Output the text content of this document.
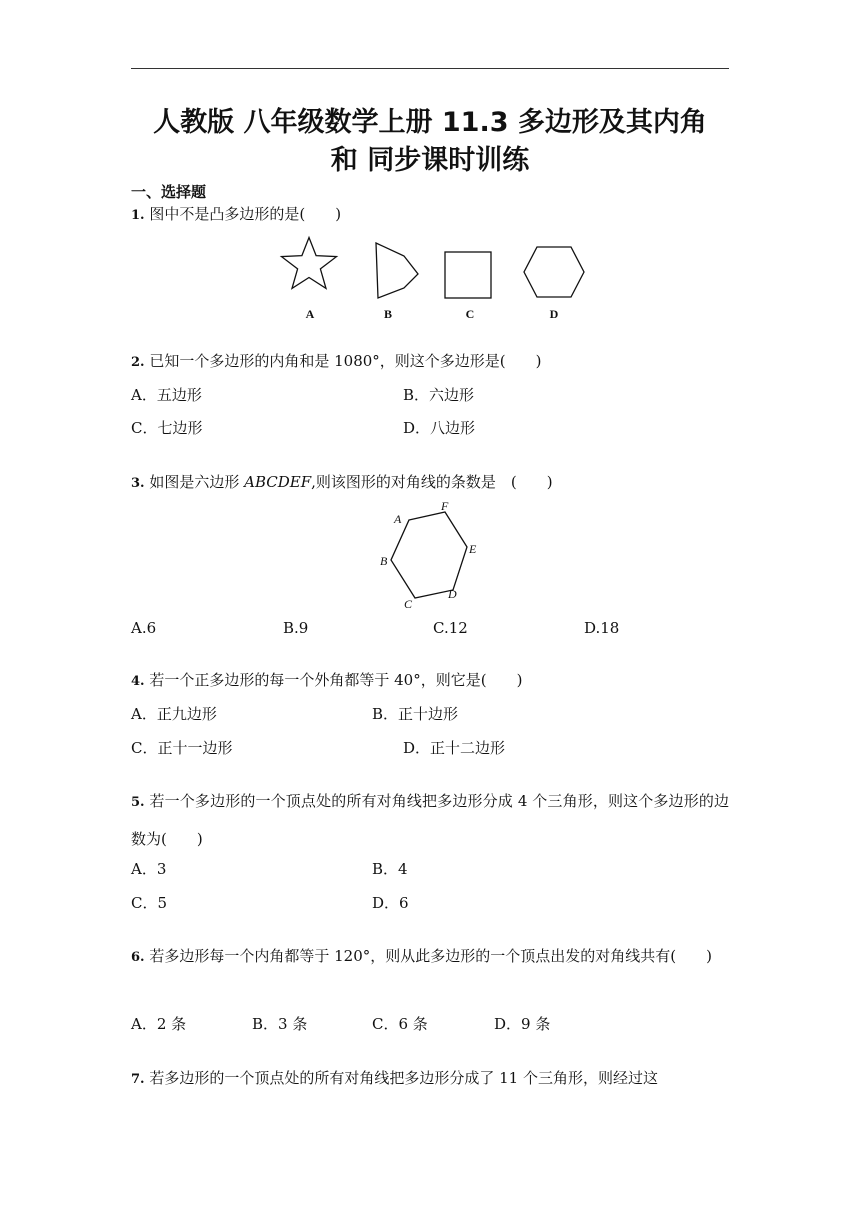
人教版 八年级数学上册 11.3 多边形及其内角
和 同步课时训练
一、选择题
1. 图中不是凸多边形的是(　　)
A	B	C	D
2. 已知一个多边形的内角和是 1080°，则这个多边形是(　　)
A．五边形	B．六边形
C．七边形	D．八边形
3. 如图是六边形 ABCDEF,则该图形的对角线的条数是　(　　)
A
F
E
D
C
B
A.6	B.9	C.12	D.18
4. 若一个正多边形的每一个外角都等于 40°，则它是(　　)
A．正九边形	B．正十边形
C．正十一边形	D．正十二边形
5. 若一个多边形的一个顶点处的所有对角线把多边形分成 4 个三角形，则这个多边形的边数为(　　)
A．3	B．4
C．5	D．6
6. 若多边形每一个内角都等于 120°，则从此多边形的一个顶点出发的对角线共有(　　)
A．2 条	B．3 条	C．6 条	D．9 条
7. 若多边形的一个顶点处的所有对角线把多边形分成了 11 个三角形，则经过这
